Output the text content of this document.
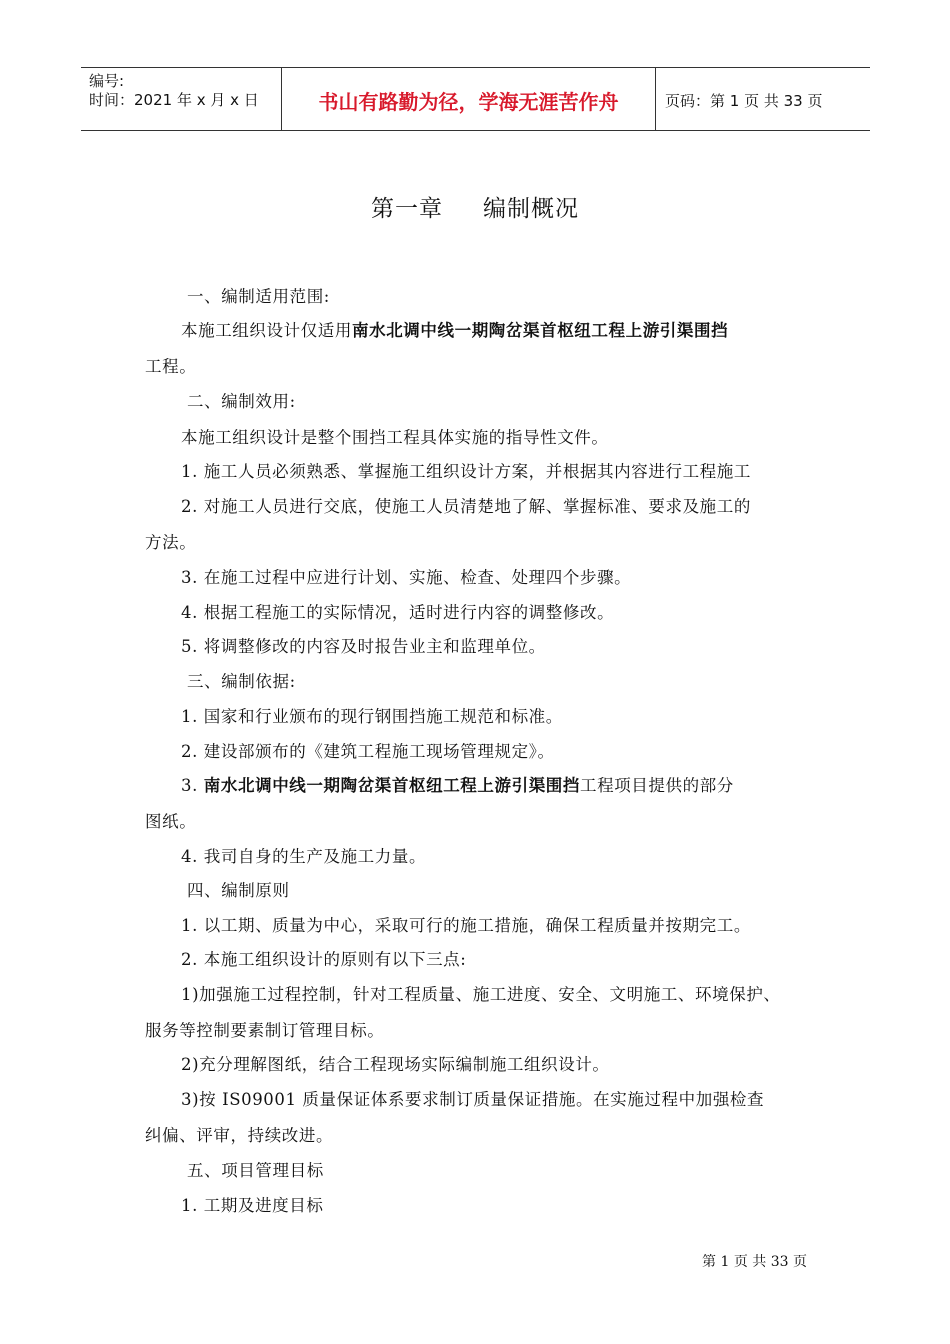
编号:
时间：2021 年 x 月 x 日	书山有路勤为径，学海无涯苦作舟	页码：第 1 页 共 33 页
第一章 编制概况
一、编制适用范围:
本施工组织设计仅适用南水北调中线一期陶岔渠首枢纽工程上游引渠围挡
工程。
二、编制效用:
本施工组织设计是整个围挡工程具体实施的指导性文件。
1. 施工人员必须熟悉、掌握施工组织设计方案，并根据其内容进行工程施工
2. 对施工人员进行交底，使施工人员清楚地了解、掌握标准、要求及施工的
方法。
3. 在施工过程中应进行计划、实施、检查、处理四个步骤。
4. 根据工程施工的实际情况，适时进行内容的调整修改。
5. 将调整修改的内容及时报告业主和监理单位。
三、编制依据:
1. 国家和行业颁布的现行钢围挡施工规范和标准。
2. 建设部颁布的《建筑工程施工现场管理规定》。
3. 南水北调中线一期陶岔渠首枢纽工程上游引渠围挡工程项目提供的部分
图纸。
4. 我司自身的生产及施工力量。
四、编制原则
1. 以工期、质量为中心，采取可行的施工措施，确保工程质量并按期完工。
2. 本施工组织设计的原则有以下三点:
1)加强施工过程控制，针对工程质量、施工进度、安全、文明施工、环境保护、
服务等控制要素制订管理目标。
2)充分理解图纸，结合工程现场实际编制施工组织设计。
3)按 IS09001 质量保证体系要求制订质量保证措施。在实施过程中加强检查
纠偏、评审，持续改进。
五、项目管理目标
1. 工期及进度目标
第 1 页 共 33 页
